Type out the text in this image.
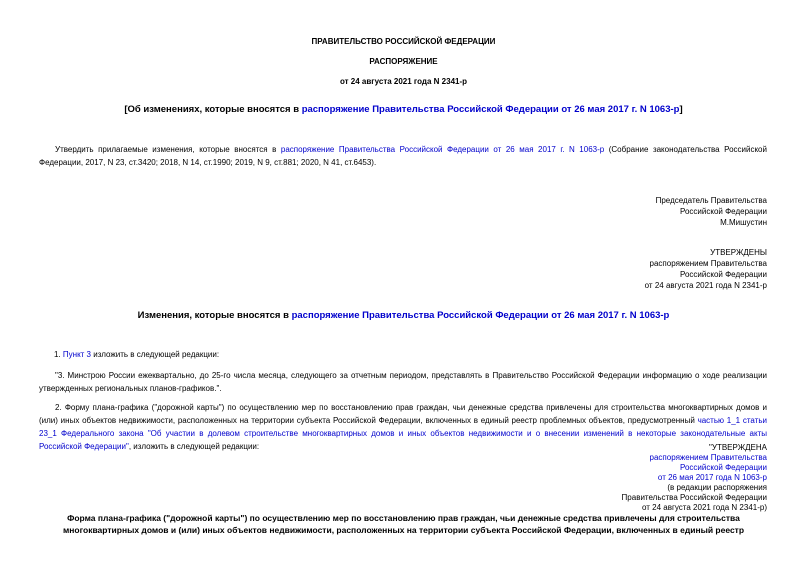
ПРАВИТЕЛЬСТВО РОССИЙСКОЙ ФЕДЕРАЦИИ
РАСПОРЯЖЕНИЕ
от 24 августа 2021 года N 2341-р
[Об изменениях, которые вносятся в распоряжение Правительства Российской Федерации от 26 мая 2017 г. N 1063-р]
Утвердить прилагаемые изменения, которые вносятся в распоряжение Правительства Российской Федерации от 26 мая 2017 г. N 1063-р (Собрание законодательства Российской Федерации, 2017, N 23, ст.3420; 2018, N 14, ст.1990; 2019, N 9, ст.881; 2020, N 41, ст.6453).
Председатель Правительства
Российской Федерации
М.Мишустин
УТВЕРЖДЕНЫ
распоряжением Правительства
Российской Федерации
от 24 августа 2021 года N 2341-р
Изменения, которые вносятся в распоряжение Правительства Российской Федерации от 26 мая 2017 г. N 1063-р
1. Пункт 3 изложить в следующей редакции:
"3. Минстрою России ежеквартально, до 25-го числа месяца, следующего за отчетным периодом, представлять в Правительство Российской Федерации информацию о ходе реализации утвержденных региональных планов-графиков.".
2. Форму плана-графика ("дорожной карты") по осуществлению мер по восстановлению прав граждан, чьи денежные средства привлечены для строительства многоквартирных домов и (или) иных объектов недвижимости, расположенных на территории субъекта Российской Федерации, включенных в единый реестр проблемных объектов, предусмотренный частью 1_1 статьи 23_1 Федерального закона "Об участии в долевом строительстве многоквартирных домов и иных объектов недвижимости и о внесении изменений в некоторые законодательные акты Российской Федерации", изложить в следующей редакции:	"УТВЕРЖДЕНА
распоряжением Правительства
Российской Федерации
от 26 мая 2017 года N 1063-р
(в редакции распоряжения
Правительства Российской Федерации
от 24 августа 2021 года N 2341-р)
Форма плана-графика ("дорожной карты") по осуществлению мер по восстановлению прав граждан, чьи денежные средства привлечены для строительства
многоквартирных домов и (или) иных объектов недвижимости, расположенных на территории субъекта Российской Федерации, включенных в единый реестр
